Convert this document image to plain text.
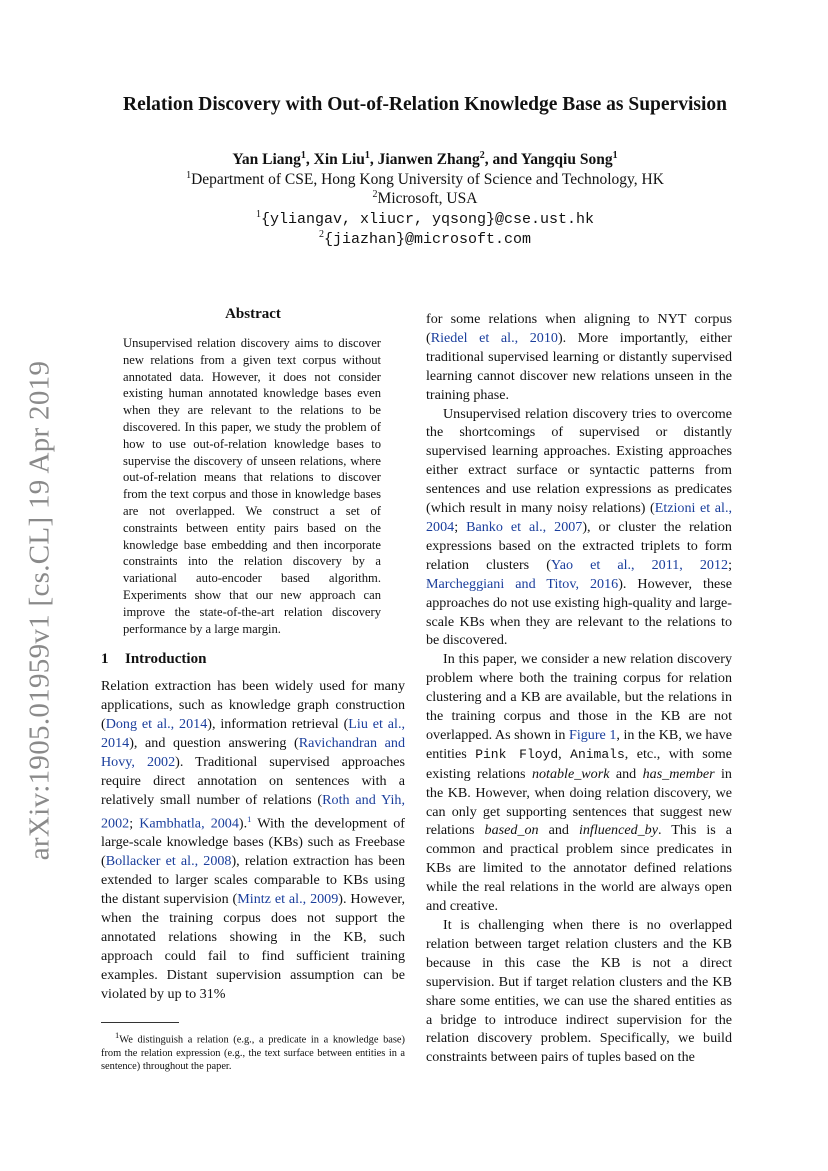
arXiv:1905.01959v1 [cs.CL] 19 Apr 2019
Relation Discovery with Out-of-Relation Knowledge Base as Supervision
Yan Liang$^1$, Xin Liu$^1$, Jianwen Zhang$^2$, and Yangqiu Song$^1$
$^1$Department of CSE, Hong Kong University of Science and Technology, HK
$^2$Microsoft, USA
$^1${yliangav, xliucr, yqsong}@cse.ust.hk
$^2${jiazhan}@microsoft.com
Abstract

Unsupervised relation discovery aims to discover new relations from a given text corpus without annotated data. However, it does not consider existing human annotated knowledge bases even when they are relevant to the relations to be discovered. In this paper, we study the problem of how to use out-of-relation knowledge bases to supervise the discovery of unseen relations, where out-of-relation means that relations to discover from the text corpus and those in knowledge bases are not overlapped. We construct a set of constraints between entity pairs based on the knowledge base embedding and then incorporate constraints into the relation discovery by a variational auto-encoder based algorithm. Experiments show that our new approach can improve the state-of-the-art relation discovery performance by a large margin.

1 Introduction

Relation extraction has been widely used for many applications, such as knowledge graph construction (Dong et al., 2014), information retrieval (Liu et al., 2014), and question answering (Ravichandran and Hovy, 2002). Traditional supervised approaches require direct annotation on sentences with a relatively small number of relations (Roth and Yih, 2002; Kambhatla, 2004).$^1$ With the development of large-scale knowledge bases (KBs) such as Freebase (Bollacker et al., 2008), relation extraction has been extended to larger scales comparable to KBs using the distant supervision (Mintz et al., 2009). However, when the training corpus does not support the annotated relations showing in the KB, such approach could fail to find sufficient training examples. Distant supervision assumption can be violated by up to 31%

$^1$We distinguish a relation (e.g., a predicate in a knowledge base) from the relation expression (e.g., the text surface between entities in a sentence) throughout the paper.

for some relations when aligning to NYT corpus (Riedel et al., 2010). More importantly, either traditional supervised learning or distantly supervised learning cannot discover new relations unseen in the training phase.

Unsupervised relation discovery tries to overcome the shortcomings of supervised or distantly supervised learning approaches. Existing approaches either extract surface or syntactic patterns from sentences and use relation expressions as predicates (which result in many noisy relations) (Etzioni et al., 2004; Banko et al., 2007), or cluster the relation expressions based on the extracted triplets to form relation clusters (Yao et al., 2011, 2012; Marcheggiani and Titov, 2016). However, these approaches do not use existing high-quality and large-scale KBs when they are relevant to the relations to be discovered.

In this paper, we consider a new relation discovery problem where both the training corpus for relation clustering and a KB are available, but the relations in the training corpus and those in the KB are not overlapped. As shown in Figure 1, in the KB, we have entities Pink Floyd, Animals, etc., with some existing relations notable_work and has_member in the KB. However, when doing relation discovery, we can only get supporting sentences that suggest new relations based_on and influenced_by. This is a common and practical problem since predicates in KBs are limited to the annotator defined relations while the real relations in the world are always open and creative.

It is challenging when there is no overlapped relation between target relation clusters and the KB because in this case the KB is not a direct supervision. But if target relation clusters and the KB share some entities, we can use the shared entities as a bridge to introduce indirect supervision for the relation discovery problem. Specifically, we build constraints between pairs of tuples based on the
